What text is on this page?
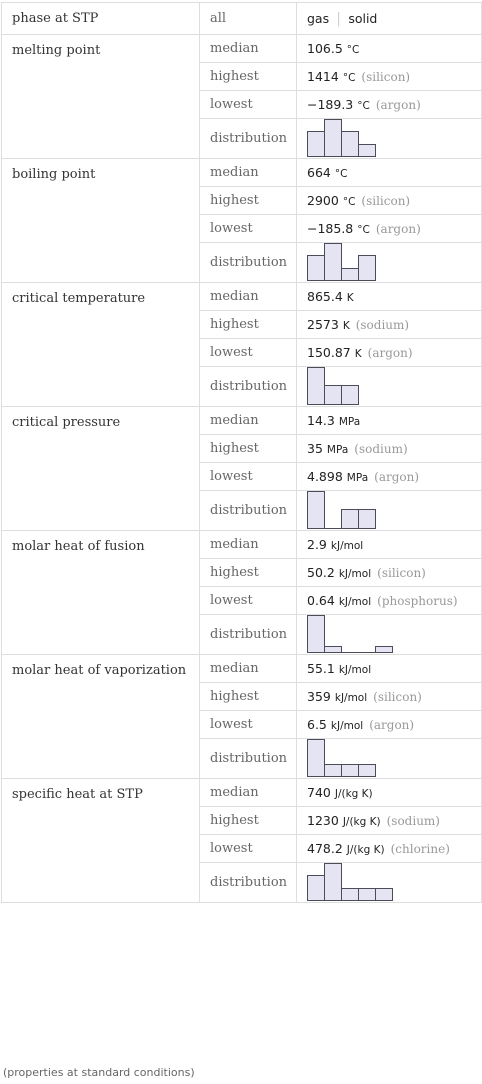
phase at STP	all	gas | solid
melting point	median	106.5 °C
	highest	1414 °C (silicon)
	lowest	−189.3 °C (argon)
	distribution	

boiling point	median	664 °C
	highest	2900 °C (silicon)
	lowest	−185.8 °C (argon)
	distribution	

critical temperature	median	865.4 K
	highest	2573 K (sodium)
	lowest	150.87 K (argon)
	distribution	

critical pressure	median	14.3 MPa
	highest	35 MPa (sodium)
	lowest	4.898 MPa (argon)
	distribution	

molar heat of fusion	median	2.9 kJ/mol
	highest	50.2 kJ/mol (silicon)
	lowest	0.64 kJ/mol (phosphorus)
	distribution	

molar heat of vaporization	median	55.1 kJ/mol
	highest	359 kJ/mol (silicon)
	lowest	6.5 kJ/mol (argon)
	distribution	

specific heat at STP	median	740 J/(kg K)
	highest	1230 J/(kg K) (sodium)
	lowest	478.2 J/(kg K) (chlorine)
	distribution	
(properties at standard conditions)
